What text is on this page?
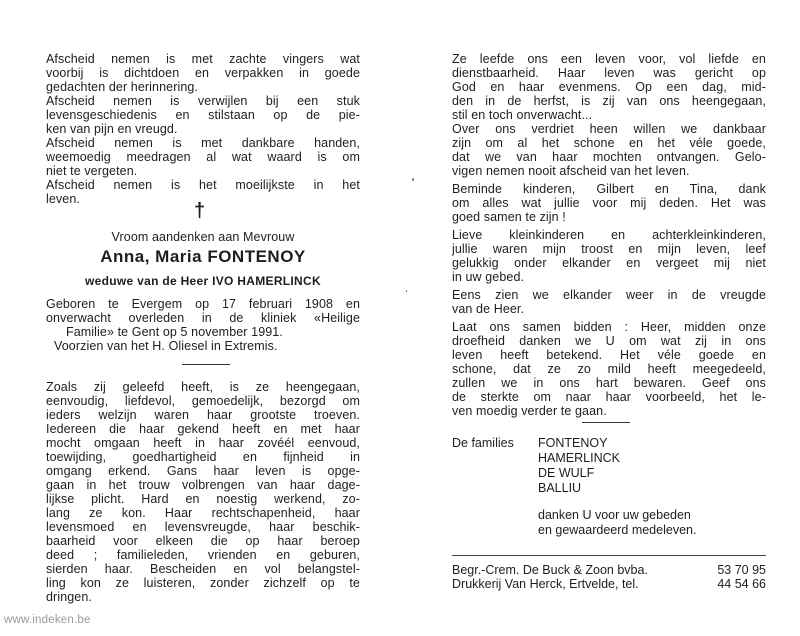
Afscheid nemen is met zachte vingers wat
voorbij is dichtdoen en verpakken in goede
gedachten der herinnering.
Afscheid nemen is verwijlen bij een stuk
levensgeschiedenis en stilstaan op de pie-
ken van pijn en vreugd.
Afscheid nemen is met dankbare handen,
weemoedig meedragen al wat waard is om
niet te vergeten.
Afscheid nemen is het moeilijkste in het
leven.
†
Vroom aandenken aan Mevrouw
Anna, Maria FONTENOY
weduwe van de Heer IVO HAMERLINCK
Geboren te Evergem op 17 februari 1908 en
onverwacht overleden in de kliniek «Heilige
Familie» te Gent op 5 november 1991.
Voorzien van het H. Oliesel in Extremis.
Zoals zij geleefd heeft, is ze heengegaan,
eenvoudig, liefdevol, gemoedelijk, bezorgd om
ieders welzijn waren haar grootste troeven.
Iedereen die haar gekend heeft en met haar
mocht omgaan heeft in haar zovéél eenvoud,
toewijding, goedhartigheid en fijnheid in
omgang erkend. Gans haar leven is opge-
gaan in het trouw volbrengen van haar dage-
lijkse plicht. Hard en noestig werkend, zo-
lang ze kon. Haar rechtschapenheid, haar
levensmoed en levensvreugde, haar beschik-
baarheid voor elkeen die op haar beroep
deed ; familieleden, vrienden en geburen,
sierden haar. Bescheiden en vol belangstel-
ling kon ze luisteren, zonder zichzelf op te
dringen.
Ze leefde ons een leven voor, vol liefde en
dienstbaarheid. Haar leven was gericht op
God en haar evenmens. Op een dag, mid-
den in de herfst, is zij van ons heengegaan,
stil en toch onverwacht...
Over ons verdriet heen willen we dankbaar
zijn om al het schone en het véle goede,
dat we van haar mochten ontvangen. Gelo-
vigen nemen nooit afscheid van het leven.
Beminde kinderen, Gilbert en Tina, dank
om alles wat jullie voor mij deden. Het was
goed samen te zijn !
Lieve kleinkinderen en achterkleinkinderen,
jullie waren mijn troost en mijn leven, leef
gelukkig onder elkander en vergeet mij niet
in uw gebed.
Eens zien we elkander weer in de vreugde
van de Heer.
Laat ons samen bidden : Heer, midden onze
droefheid danken we U om wat zij in ons
leven heeft betekend. Het véle goede en
schone, dat ze zo mild heeft meegedeeld,
zullen we in ons hart bewaren. Geef ons
de sterkte om naar haar voorbeeld, het le-
ven moedig verder te gaan.
De families FONTENOY
HAMERLINCK
DE WULF
BALLIU
danken U voor uw gebeden
en gewaardeerd medeleven.
Begr.-Crem. De Buck & Zoon bvba.	53 70 95
Drukkerij Van Herck, Ertvelde, tel.	44 54 66
www.indeken.be
